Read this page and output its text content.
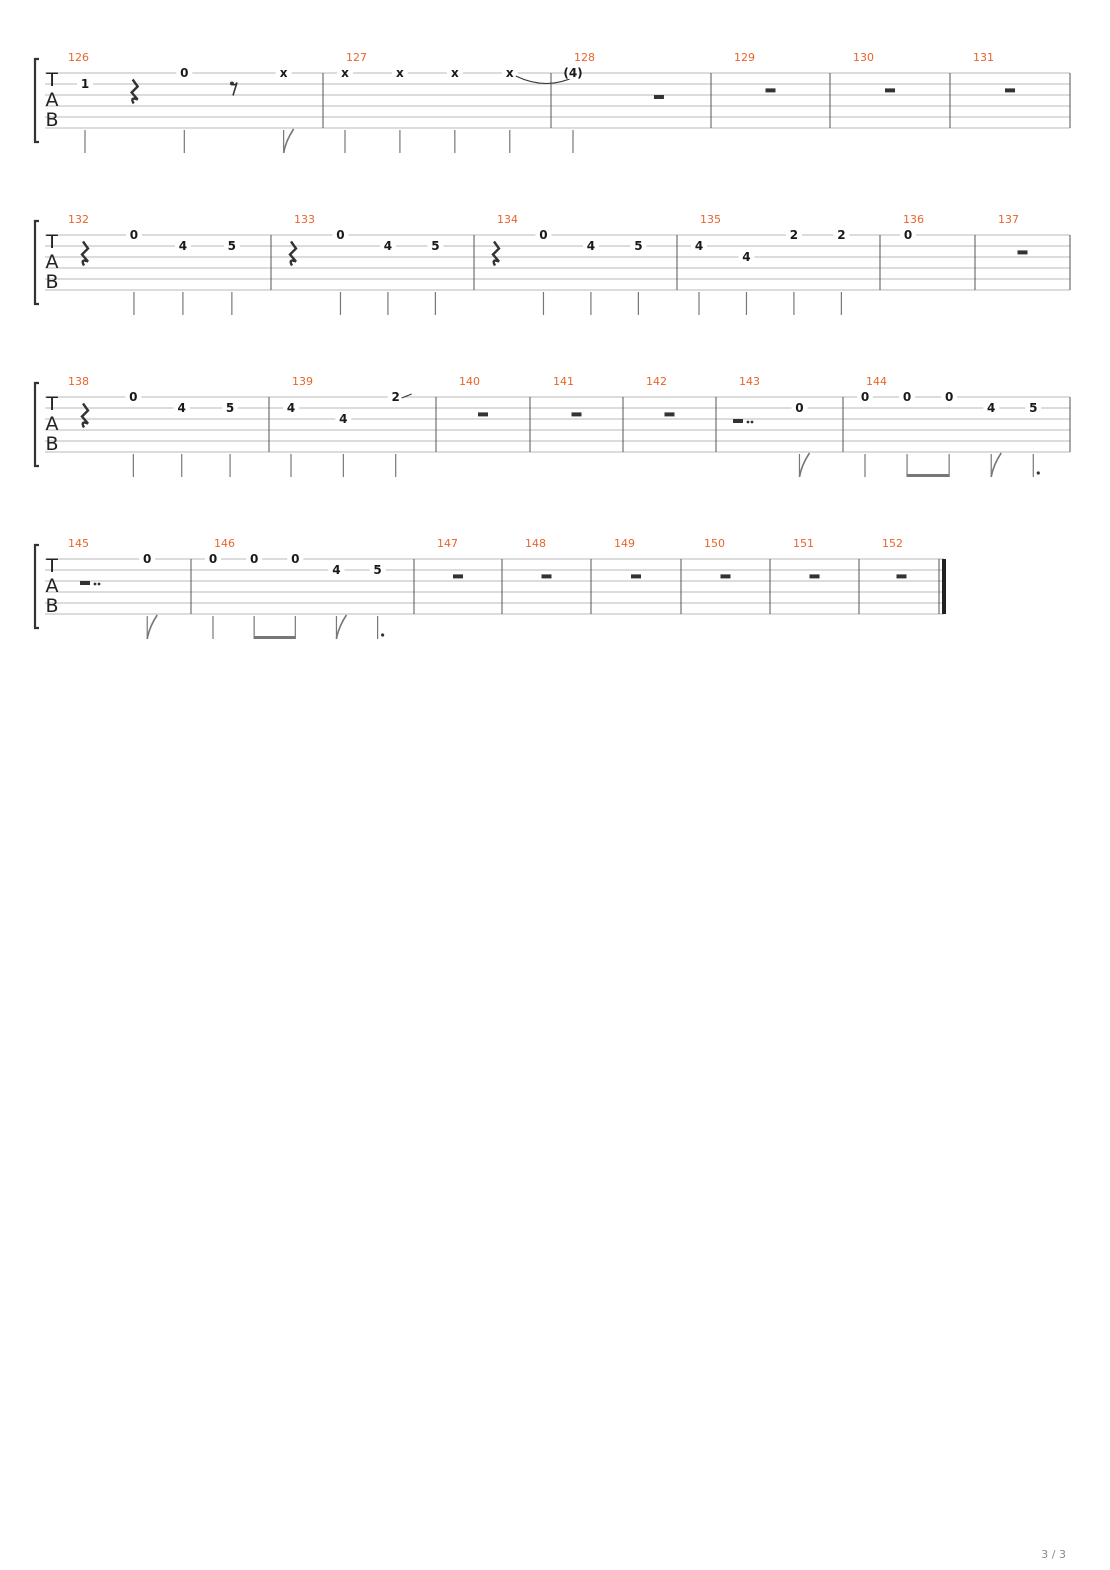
T
A
B
126
1
0	x
127
x	x	x	x
128
(4)
129	130	131
T
A
B
132
0
4	5
133
0
4	5
134
0
4	5
135
4
4
2	2
136
0
137
T
A
B
138
0
4	5
139
4
4
2
140	141	142	143
0
144
0	0	0
4	5
T
A
B
145
0
146
0	0	0
4	5
147	148	149	150	151	152
3 / 3
